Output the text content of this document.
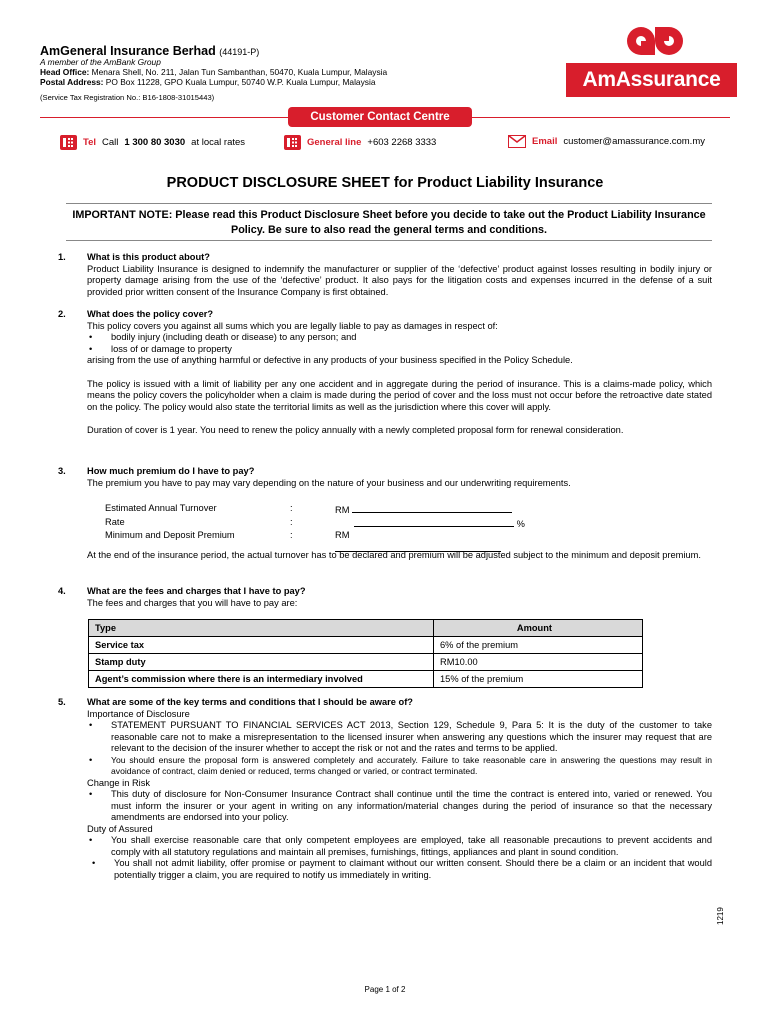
AmGeneral Insurance Berhad (44191-P)
A member of the AmBank Group
Head Office: Menara Shell, No. 211, Jalan Tun Sambanthan, 50470, Kuala Lumpur, Malaysia
Postal Address: PO Box 11228, GPO Kuala Lumpur, 50740 W.P. Kuala Lumpur, Malaysia
(Service Tax Registration No.: B16-1808-31015443)
AmAssurance
Customer Contact Centre
Tel Call 1 300 80 3030 at local rates	General line +603 2268 3333	Email customer@amassurance.com.my
PRODUCT DISCLOSURE SHEET for Product Liability Insurance
IMPORTANT NOTE: Please read this Product Disclosure Sheet before you decide to take out the Product Liability Insurance Policy. Be sure to also read the general terms and conditions.
1. What is this product about?

Product Liability Insurance is designed to indemnify the manufacturer or supplier of the ‘defective’ product against losses resulting in bodily injury or property damage arising from the use of the ‘defective’ product. It also pays for the litigation costs and expenses incurred in the defense of a suit provided prior written consent of the Insurance Company is first obtained.

2. What does the policy cover?

This policy covers you against all sums which you are legally liable to pay as damages in respect of:

•	bodily injury (including death or disease) to any person; and
•	loss of or damage to property

arising from the use of anything harmful or defective in any products of your business specified in the Policy Schedule.

The policy is issued with a limit of liability per any one accident and in aggregate during the period of insurance. This is a claims-made policy, which means the policy covers the policyholder when a claim is made during the period of cover and the loss must not occur before the retroactive date stated on the policy. The policy would also state the territorial limits as well as the jurisdiction where this cover will apply.

Duration of cover is 1 year. You need to renew the policy annually with a newly completed proposal form for renewal consideration.

3. How much premium do I have to pay?

The premium you have to pay may vary depending on the nature of your business and our underwriting requirements.

Estimated Annual Turnover	:	RM
Rate	:	%
Minimum and Deposit Premium	:	RM
At the end of the insurance period, the actual turnover has to be declared and premium will be adjusted subject to the minimum and deposit premium.
4. What are the fees and charges that I have to pay?

The fees and charges that you will have to pay are:

Type	Amount
Service tax	6% of the premium
Stamp duty	RM10.00
Agent’s commission where there is an intermediary involved	15% of the premium
5. What are some of the key terms and conditions that I should be aware of?

Importance of Disclosure

•	STATEMENT PURSUANT TO FINANCIAL SERVICES ACT 2013, Section 129, Schedule 9, Para 5: It is the duty of the customer to take reasonable care not to make a misrepresentation to the licensed insurer when answering any questions which the insurer may request that are relevant to the decision of the insurer whether to accept the risk or not and the rates and terms to be applied.
•	You should ensure the proposal form is answered completely and accurately. Failure to take reasonable care in answering the questions may result in avoidance of contract, claim denied or reduced, terms changed or varied, or contract terminated.

Change in Risk

•	This duty of disclosure for Non-Consumer Insurance Contract shall continue until the time the contract is entered into, varied or renewed. You must inform the insurer or your agent in writing on any information/material changes during the period of insurance so that the necessary amendments are endorsed into your policy.

Duty of Assured

•	You shall exercise reasonable care that only competent employees are employed, take all reasonable precautions to prevent accidents and comply with all statutory regulations and maintain all premises, furnishings, fittings, appliances and plant in sound condition.
•	You shall not admit liability, offer promise or payment to claimant without our written consent. Should there be a claim or an incident that would potentially trigger a claim, you are required to notify us immediately in writing.
1219
Page 1 of 2
